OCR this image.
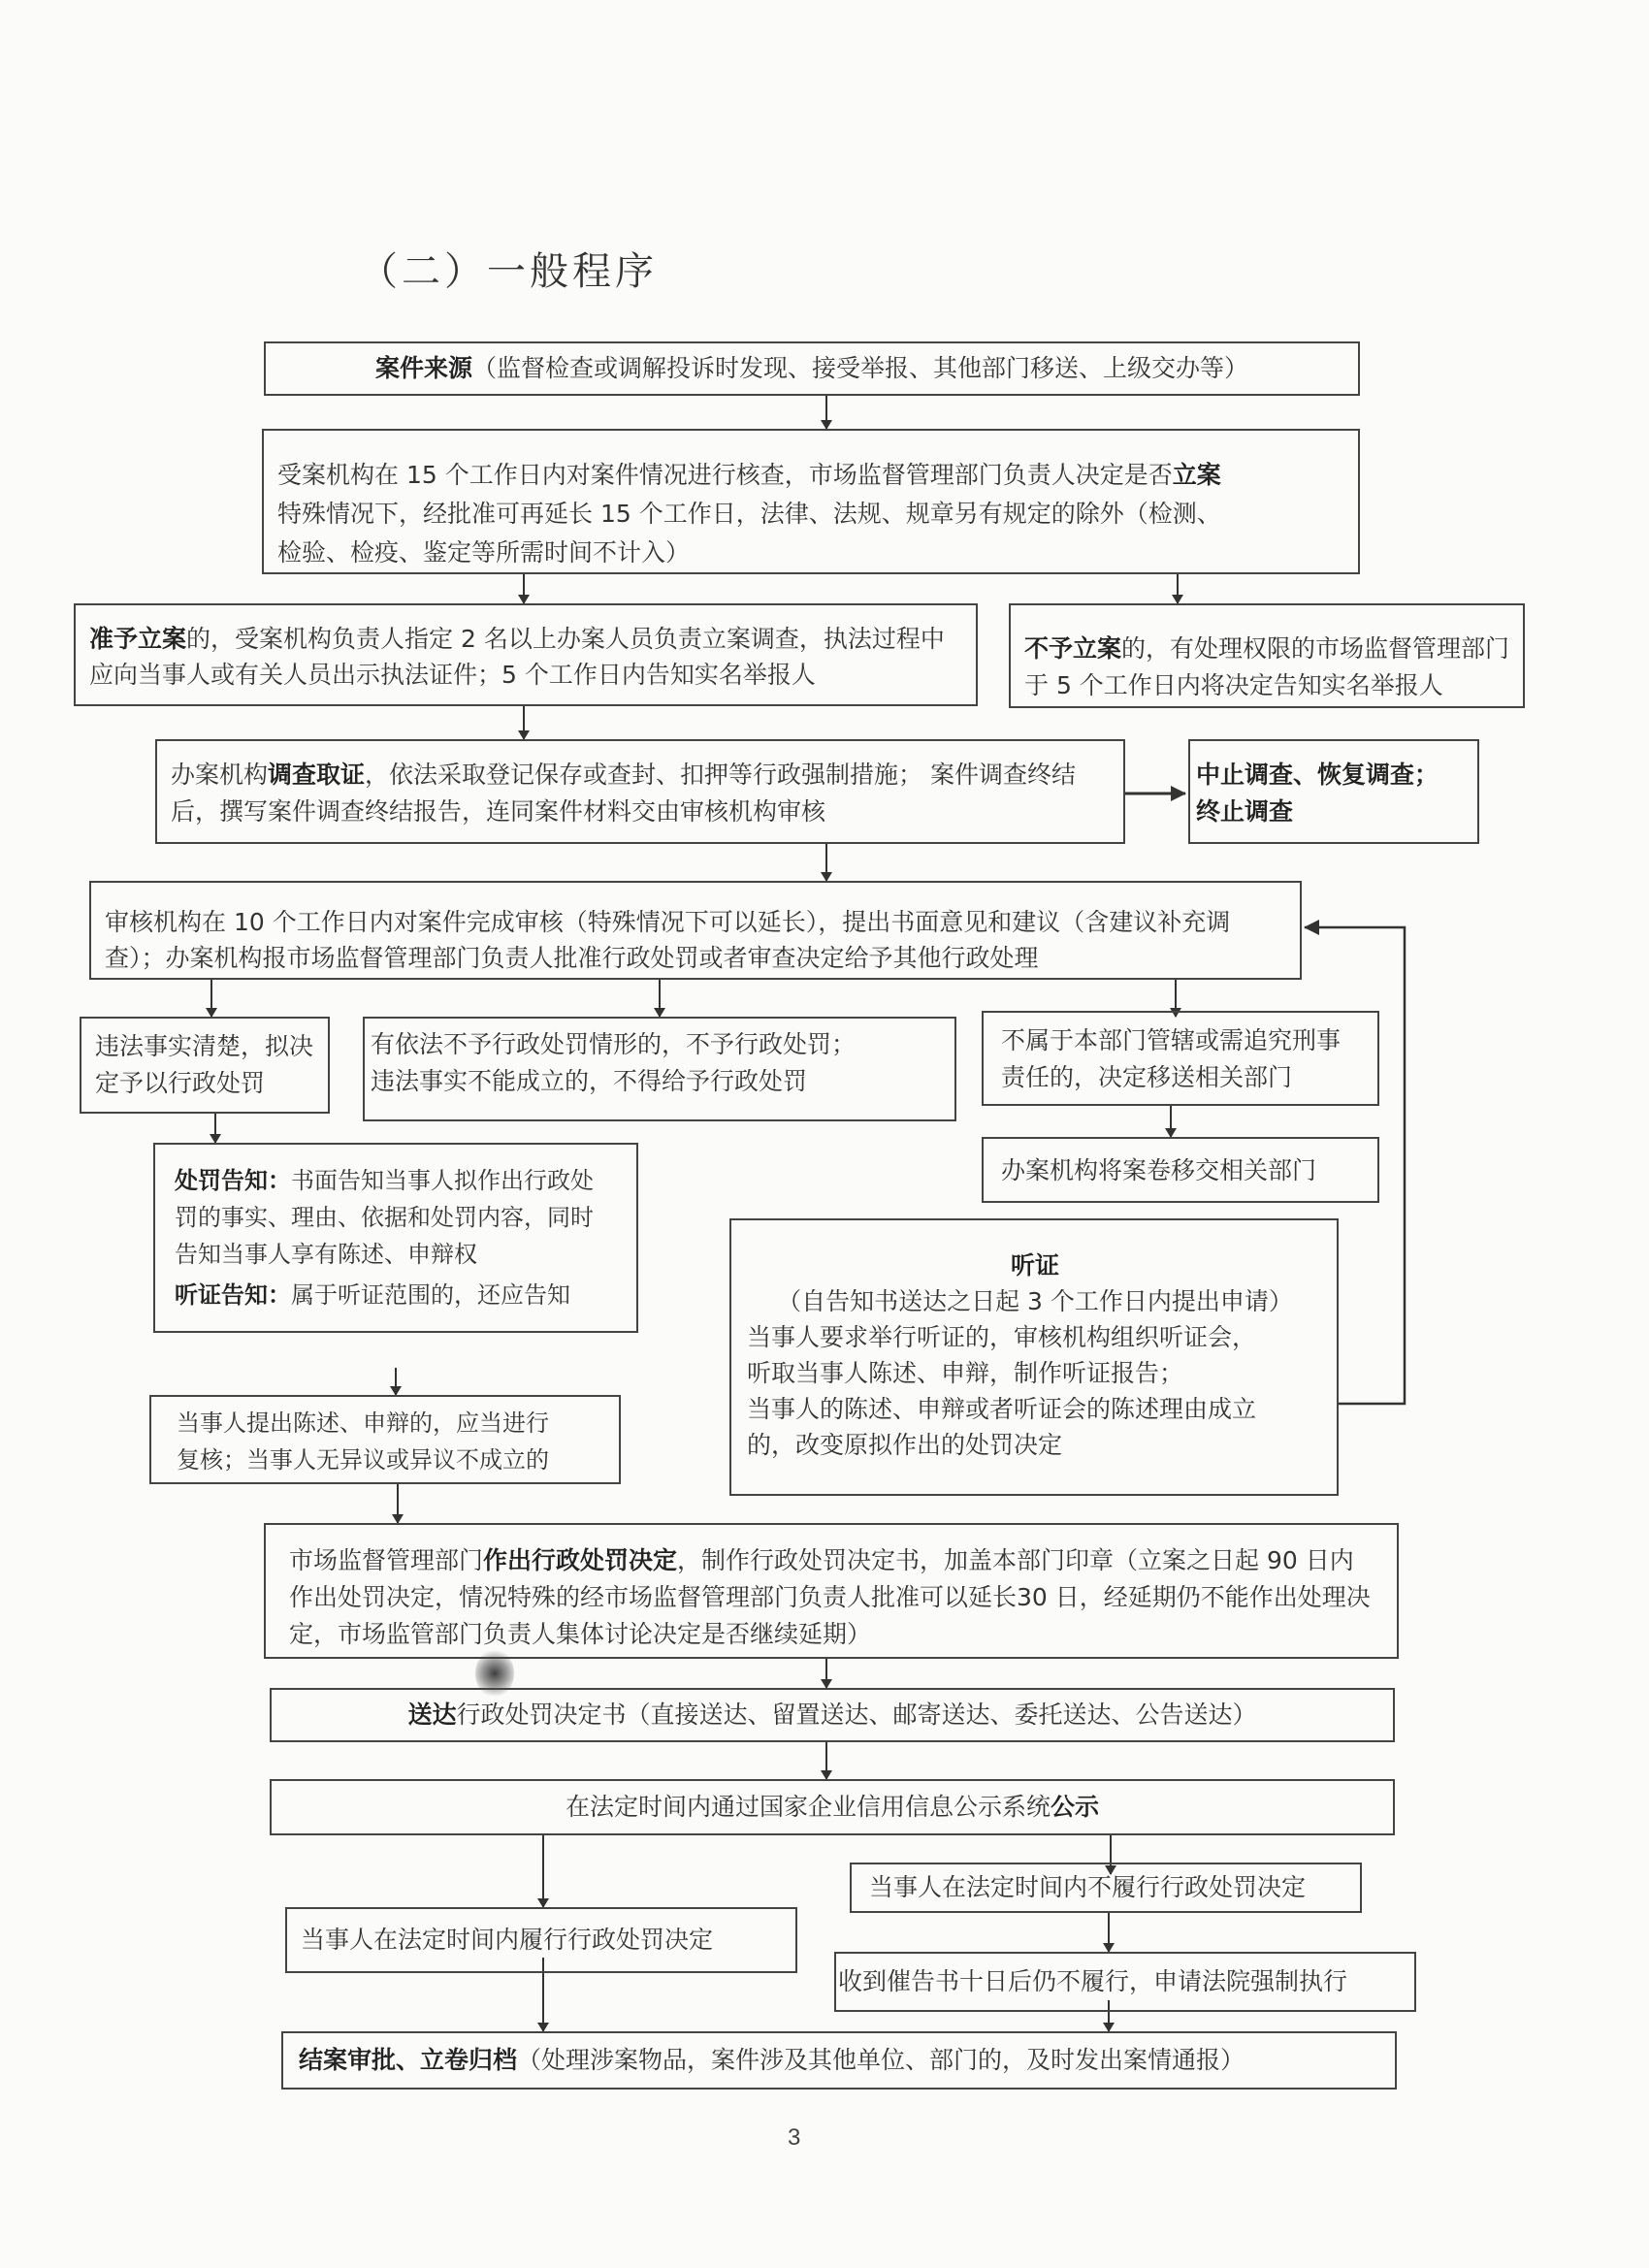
（二）一般程序
案件来源（监督检查或调解投诉时发现、接受举报、其他部门移送、上级交办等）
受案机构在 15 个工作日内对案件情况进行核查，市场监督管理部门负责人决定是否立案
特殊情况下，经批准可再延长 15 个工作日，法律、法规、规章另有规定的除外（检测、
检验、检疫、鉴定等所需时间不计入）
准予立案的，受案机构负责人指定 2 名以上办案人员负责立案调查，执法过程中应向当事人或有关人员出示执法证件；5 个工作日内告知实名举报人
不予立案的，有处理权限的市场监督管理部门于 5 个工作日内将决定告知实名举报人
办案机构调查取证，依法采取登记保存或查封、扣押等行政强制措施； 案件调查终结后，撰写案件调查终结报告，连同案件材料交由审核机构审核
中止调查、恢复调查；
终止调查
审核机构在 10 个工作日内对案件完成审核（特殊情况下可以延长），提出书面意见和建议（含建议补充调查）；办案机构报市场监督管理部门负责人批准行政处罚或者审查决定给予其他行政处理
违法事实清楚，拟决定予以行政处罚
有依法不予行政处罚情形的，不予行政处罚；
违法事实不能成立的，不得给予行政处罚
不属于本部门管辖或需追究刑事责任的，决定移送相关部门
办案机构将案卷移交相关部门
处罚告知：书面告知当事人拟作出行政处罚的事实、理由、依据和处罚内容，同时告知当事人享有陈述、申辩权
听证告知：属于听证范围的，还应告知
听证
（自告知书送达之日起 3 个工作日内提出申请）
当事人要求举行听证的，审核机构组织听证会，
听取当事人陈述、申辩，制作听证报告；
当事人的陈述、申辩或者听证会的陈述理由成立
的，改变原拟作出的处罚决定
当事人提出陈述、申辩的，应当进行
复核；当事人无异议或异议不成立的
市场监督管理部门作出行政处罚决定，制作行政处罚决定书，加盖本部门印章（立案之日起 90 日内作出处罚决定，情况特殊的经市场监督管理部门负责人批准可以延长30 日，经延期仍不能作出处理决定，市场监管部门负责人集体讨论决定是否继续延期）
送达行政处罚决定书（直接送达、留置送达、邮寄送达、委托送达、公告送达）
在法定时间内通过国家企业信用信息公示系统公示
当事人在法定时间内履行行政处罚决定
当事人在法定时间内不履行行政处罚决定
收到催告书十日后仍不履行，申请法院强制执行
结案审批、立卷归档（处理涉案物品，案件涉及其他单位、部门的，及时发出案情通报）
3
